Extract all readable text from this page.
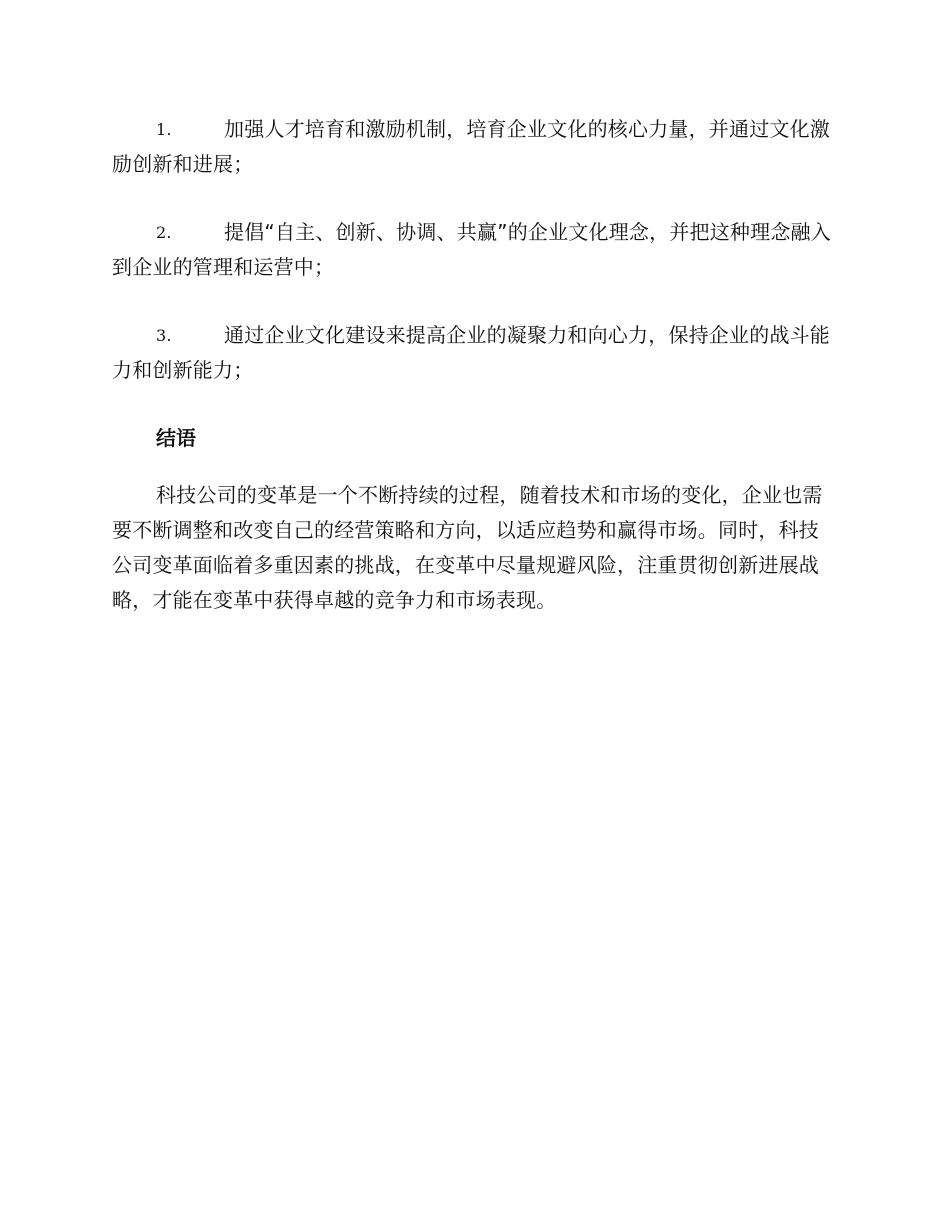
1.	加强人才培育和激励机制，培育企业文化的核心力量，并通过文化激励创新和进展；
2.	提倡“自主、创新、协调、共赢”的企业文化理念，并把这种理念融入到企业的管理和运营中；
3.	通过企业文化建设来提高企业的凝聚力和向心力，保持企业的战斗能力和创新能力；
结语

科技公司的变革是一个不断持续的过程，随着技术和市场的变化，企业也需要不断调整和改变自己的经营策略和方向，以适应趋势和赢得市场。同时，科技公司变革面临着多重因素的挑战，在变革中尽量规避风险，注重贯彻创新进展战略，才能在变革中获得卓越的竞争力和市场表现。
